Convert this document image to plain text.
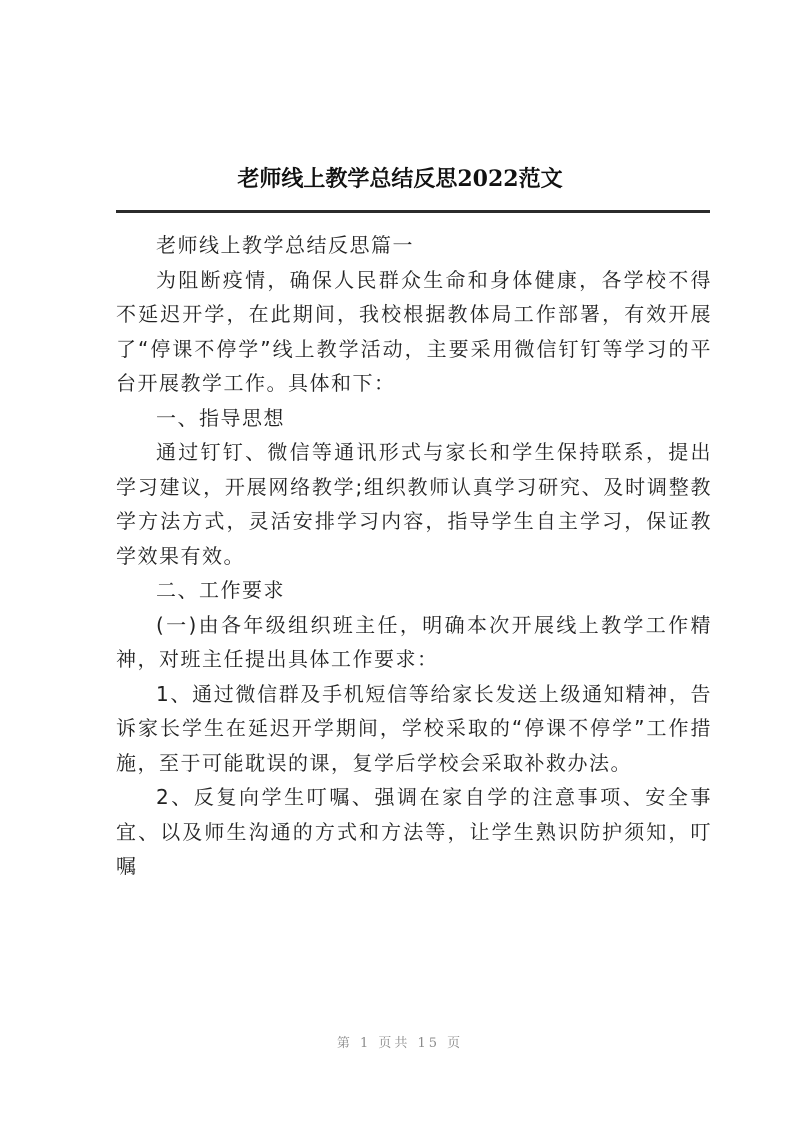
老师线上教学总结反思2022范文

老师线上教学总结反思篇一

为阻断疫情，确保人民群众生命和身体健康，各学校不得不延迟开学，在此期间，我校根据教体局工作部署，有效开展了“停课不停学”线上教学活动，主要采用微信钉钉等学习的平台开展教学工作。具体和下：

一、指导思想

通过钉钉、微信等通讯形式与家长和学生保持联系，提出学习建议，开展网络教学;组织教师认真学习研究、及时调整教学方法方式，灵活安排学习内容，指导学生自主学习，保证教学效果有效。

二、工作要求

(一)由各年级组织班主任，明确本次开展线上教学工作精神，对班主任提出具体工作要求：

1、通过微信群及手机短信等给家长发送上级通知精神，告诉家长学生在延迟开学期间，学校采取的“停课不停学”工作措施，至于可能耽误的课，复学后学校会采取补救办法。

2、反复向学生叮嘱、强调在家自学的注意事项、安全事宜、以及师生沟通的方式和方法等，让学生熟识防护须知，叮嘱

第 1 页共 15 页
